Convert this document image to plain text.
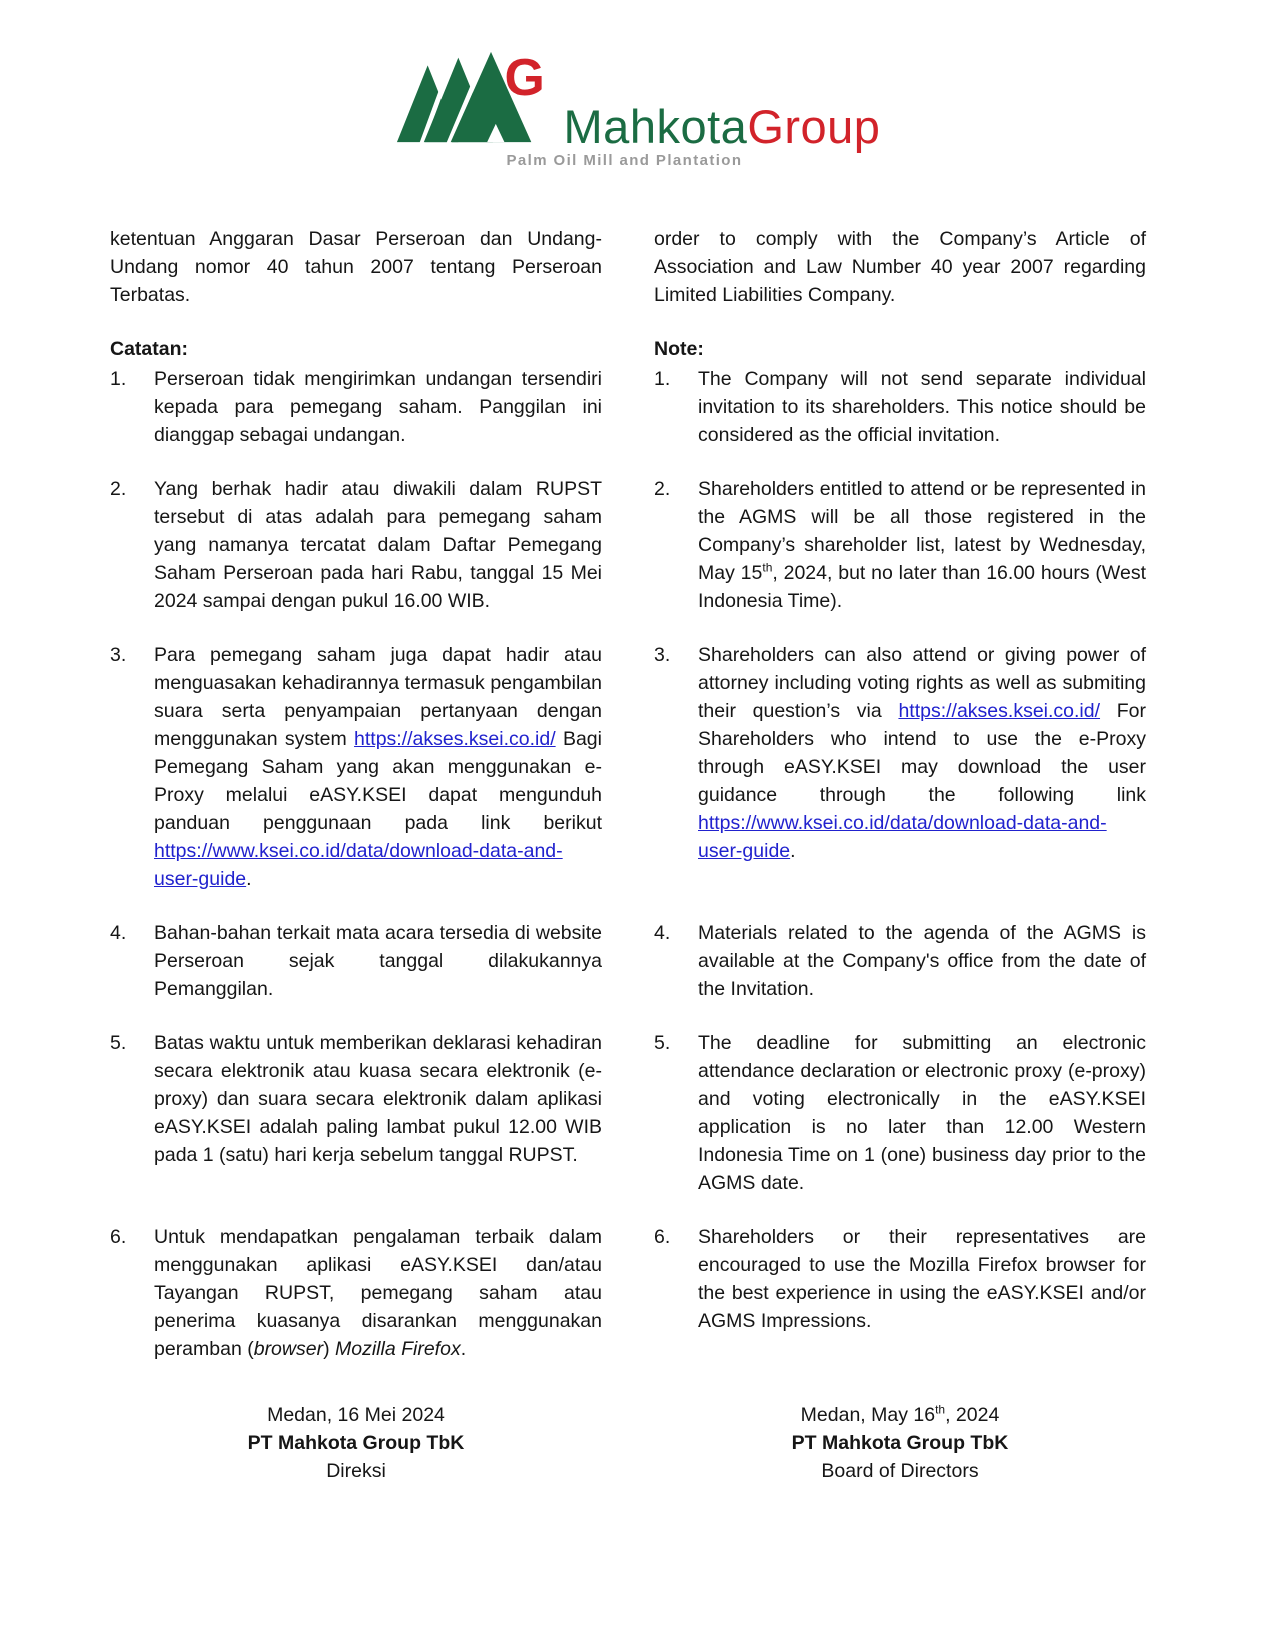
G
MahkotaGroup
Palm Oil Mill and Plantation

ketentuan Anggaran Dasar Perseroan dan Undang-Undang nomor 40 tahun 2007 tentang Perseroan Terbatas.

order to comply with the Company’s Article of Association and Law Number 40 year 2007 regarding Limited Liabilities Company.

Catatan:	Note:
1.	Perseroan tidak mengirimkan undangan tersendiri kepada para pemegang saham. Panggilan ini dianggap sebagai undangan.
1.	The Company will not send separate individual invitation to its shareholders. This notice should be considered as the official invitation.
2.	Yang berhak hadir atau diwakili dalam RUPST tersebut di atas adalah para pemegang saham yang namanya tercatat dalam Daftar Pemegang Saham Perseroan pada hari Rabu, tanggal 15 Mei 2024 sampai dengan pukul 16.00 WIB.
2.	Shareholders entitled to attend or be represented in the AGMS will be all those registered in the Company’s shareholder list, latest by Wednesday, May 15th, 2024, but no later than 16.00 hours (West Indonesia Time).
3.	Para pemegang saham juga dapat hadir atau menguasakan kehadirannya termasuk pengambilan suara serta penyampaian pertanyaan dengan menggunakan system https://akses.ksei.co.id/ Bagi Pemegang Saham yang akan menggunakan e-Proxy melalui eASY.KSEI dapat mengunduh panduan penggunaan pada link berikut https://www.ksei.co.id/data/download-data-and-user-guide.
3.	Shareholders can also attend or giving power of attorney including voting rights as well as submiting their question’s via https://akses.ksei.co.id/ For Shareholders who intend to use the e-Proxy through eASY.KSEI may download the user guidance through the following link https://www.ksei.co.id/data/download-data-and-user-guide.
4.	Bahan-bahan terkait mata acara tersedia di website Perseroan sejak tanggal dilakukannya Pemanggilan.
4.	Materials related to the agenda of the AGMS is available at the Company's office from the date of the Invitation.
5.	Batas waktu untuk memberikan deklarasi kehadiran secara elektronik atau kuasa secara elektronik (e-proxy) dan suara secara elektronik dalam aplikasi eASY.KSEI adalah paling lambat pukul 12.00 WIB pada 1 (satu) hari kerja sebelum tanggal RUPST.
5.	The deadline for submitting an electronic attendance declaration or electronic proxy (e-proxy) and voting electronically in the eASY.KSEI application is no later than 12.00 Western Indonesia Time on 1 (one) business day prior to the AGMS date.
6.	Untuk mendapatkan pengalaman terbaik dalam menggunakan aplikasi eASY.KSEI dan/atau Tayangan RUPST, pemegang saham atau penerima kuasanya disarankan menggunakan peramban (browser) Mozilla Firefox.
6.	Shareholders or their representatives are encouraged to use the Mozilla Firefox browser for the best experience in using the eASY.KSEI and/or AGMS Impressions.
Medan, 16 Mei 2024
PT Mahkota Group TbK
Direksi
Medan, May 16th, 2024
PT Mahkota Group TbK
Board of Directors
